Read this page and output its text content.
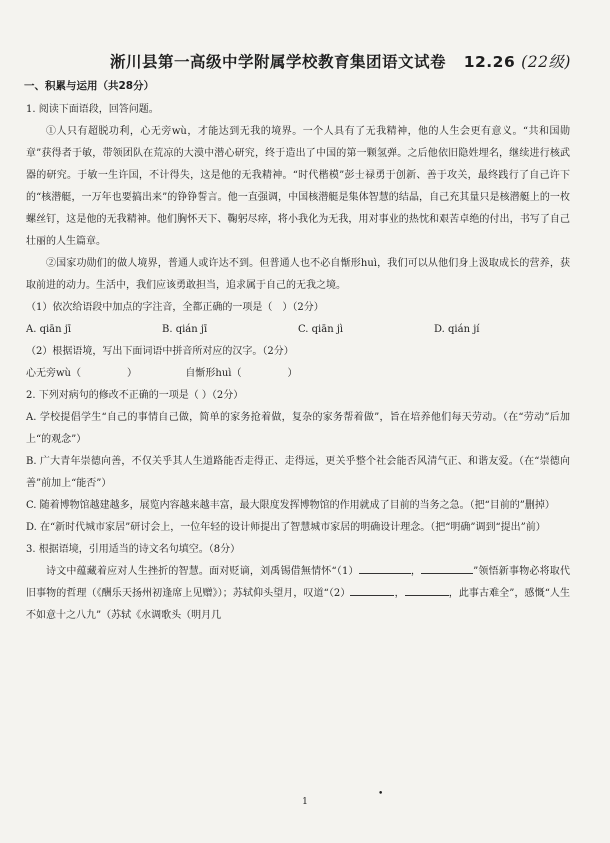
淅川县第一高级中学附属学校教育集团语文试卷 12.26 (22级)
一、积累与运用（共28分）
1. 阅读下面语段，回答问题。

①人只有超脱功利，心无旁wù，才能达到无我的境界。一个人具有了无我精神，他的人生会更有意义。“共和国勋章”获得者于敏，带领团队在荒凉的大漠中潜心研究，终于造出了中国的第一颗氢弹。之后他依旧隐姓埋名，继续进行核武器的研究。于敏一生许国，不计得失，这是他的无我精神。“时代楷模”彭士禄勇于创新、善于攻关，最终践行了自己许下的“核潜艇，一万年也要搞出来”的铮铮誓言。他一直强调，中国核潜艇是集体智慧的结晶，自己充其量只是核潜艇上的一枚螺丝钉，这是他的无我精神。他们胸怀天下、鞠躬尽瘁，将小我化为无我，用对事业的热忱和艰苦卓绝的付出，书写了自己壮丽的人生篇章。

②国家功勋们的做人境界，普通人或许达不到。但普通人也不必自惭形huì，我们可以从他们身上汲取成长的营养，获取前进的动力。生活中，我们应该勇敢担当，追求属于自己的无我之境。

（1）依次给语段中加点的字注音，全都正确的一项是（　）（2分）
A. qiān jī	B. qián jī	C. qiān jì	D. qián jí
（2）根据语境，写出下面词语中拼音所对应的汉字。（2分）
心无旁wù（	）	自惭形huì（	）
2. 下列对病句的修改不正确的一项是（ ）（2分）

A. 学校提倡学生“自己的事情自己做，简单的家务抢着做，复杂的家务帮着做”，旨在培养他们每天劳动。（在“劳动”后加上“的观念”）

B. 广大青年崇德向善，不仅关乎其人生道路能否走得正、走得远，更关乎整个社会能否风清气正、和谐友爱。（在“崇德向善”前加上“能否”）

C. 随着博物馆越建越多，展览内容越来越丰富，最大限度发挥博物馆的作用就成了目前的当务之急。（把“目前的”删掉）

D. 在“新时代城市家居”研讨会上，一位年轻的设计师提出了智慧城市家居的明确设计理念。（把“明确”调到“提出”前）

3. 根据语境，引用适当的诗文名句填空。（8分）

诗文中蕴藏着应对人生挫折的智慧。面对贬谪，刘禹锡借無情怀“（1）	，	”领悟新事物必将取代旧事物的哲理（《酬乐天扬州初逢席上见赠》）；苏轼仰头望月，叹道“（2）	，	，此事古难全”，感慨“人生不如意十之八九”（苏轼《水调歌头（明月几

1
•
